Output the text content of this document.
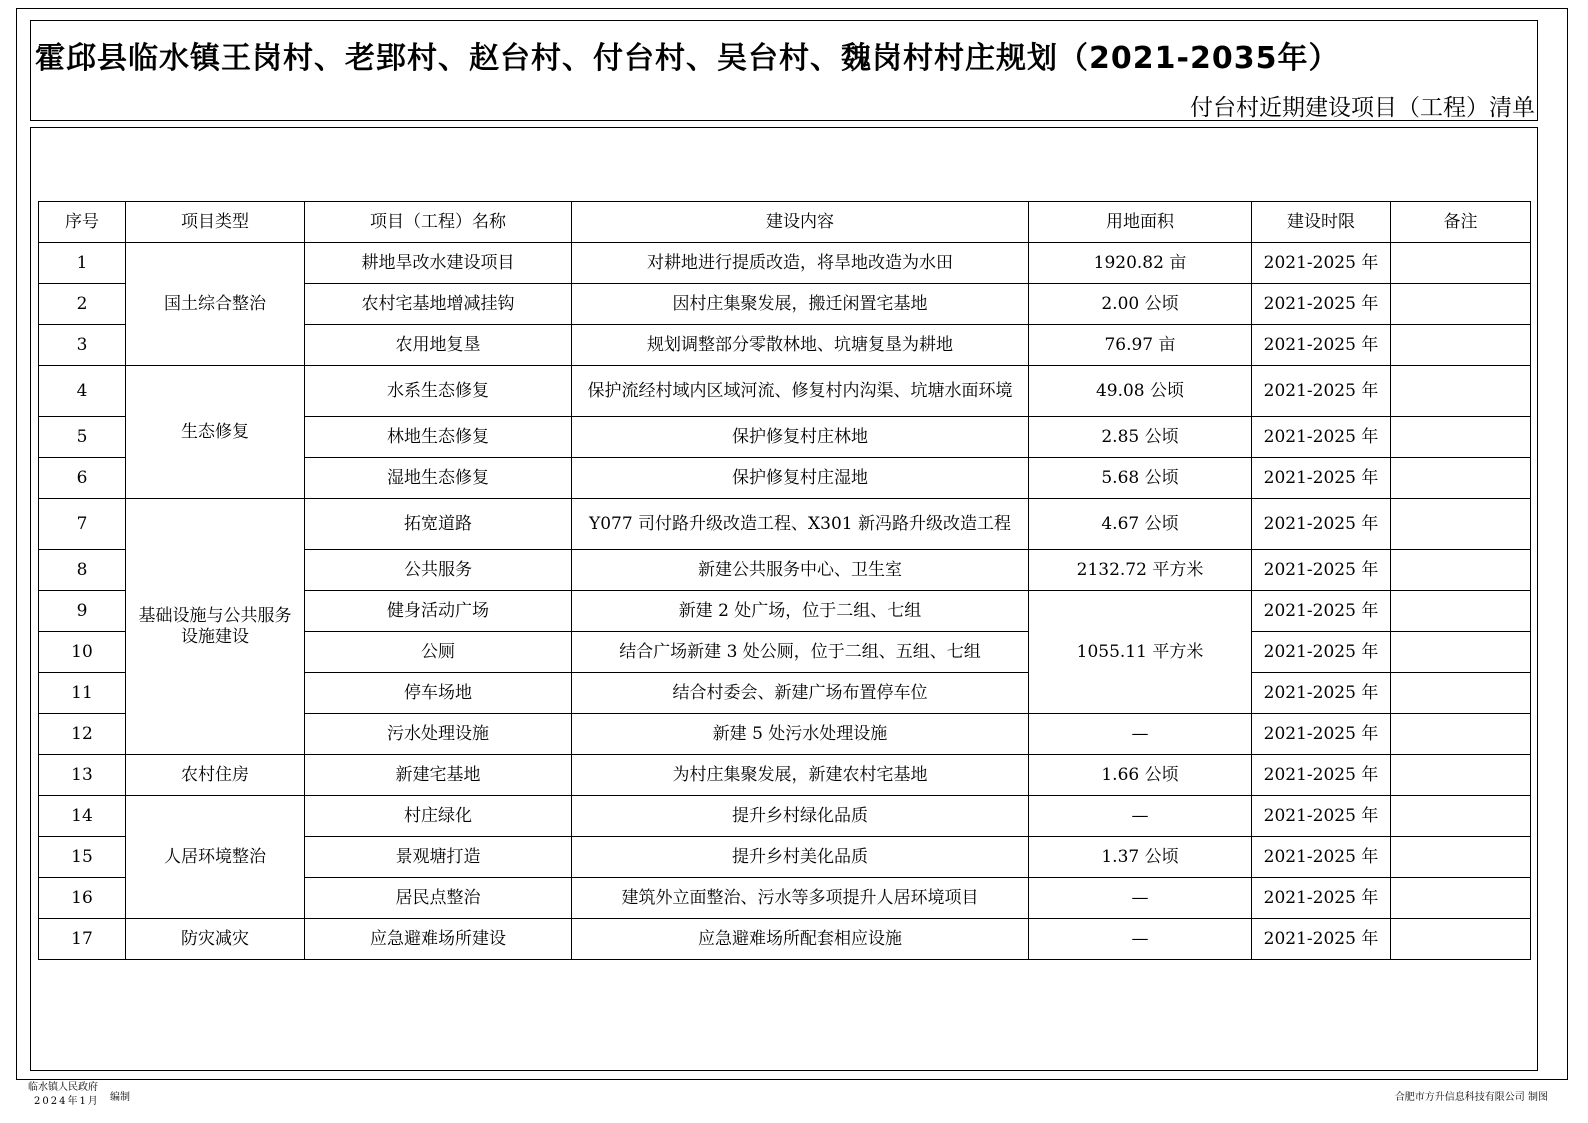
霍邱县临水镇王岗村、老郢村、赵台村、付台村、吴台村、魏岗村村庄规划（2021-2035年）
付台村近期建设项目（工程）清单
序号	项目类型	项目（工程）名称	建设内容	用地面积	建设时限	备注
1	国土综合整治	耕地旱改水建设项目	对耕地进行提质改造，将旱地改造为水田	1920.82 亩	2021-2025 年	
2		农村宅基地增减挂钩	因村庄集聚发展，搬迁闲置宅基地	2.00 公顷	2021-2025 年	
3		农用地复垦	规划调整部分零散林地、坑塘复垦为耕地	76.97 亩	2021-2025 年	
4	生态修复	水系生态修复	保护流经村域内区域河流、修复村内沟渠、坑塘水面环境	49.08 公顷	2021-2025 年	
5		林地生态修复	保护修复村庄林地	2.85 公顷	2021-2025 年	
6		湿地生态修复	保护修复村庄湿地	5.68 公顷	2021-2025 年	
7	基础设施与公共服务设施建设	拓宽道路	Y077 司付路升级改造工程、X301 新冯路升级改造工程	4.67 公顷	2021-2025 年	
8		公共服务	新建公共服务中心、卫生室	2132.72 平方米	2021-2025 年	
9		健身活动广场	新建 2 处广场，位于二组、七组	1055.11 平方米	2021-2025 年	
10		公厕	结合广场新建 3 处公厕，位于二组、五组、七组		2021-2025 年	
11		停车场地	结合村委会、新建广场布置停车位		2021-2025 年	
12		污水处理设施	新建 5 处污水处理设施	—	2021-2025 年	
13	农村住房	新建宅基地	为村庄集聚发展，新建农村宅基地	1.66 公顷	2021-2025 年	
14	人居环境整治	村庄绿化	提升乡村绿化品质	—	2021-2025 年	
15		景观塘打造	提升乡村美化品质	1.37 公顷	2021-2025 年	
16		居民点整治	建筑外立面整治、污水等多项提升人居环境项目	—	2021-2025 年	
17	防灾减灾	应急避难场所建设	应急避难场所配套相应设施	—	2021-2025 年	
临水镇人民政府
2024年1月 编制	合肥市方升信息科技有限公司 制图
